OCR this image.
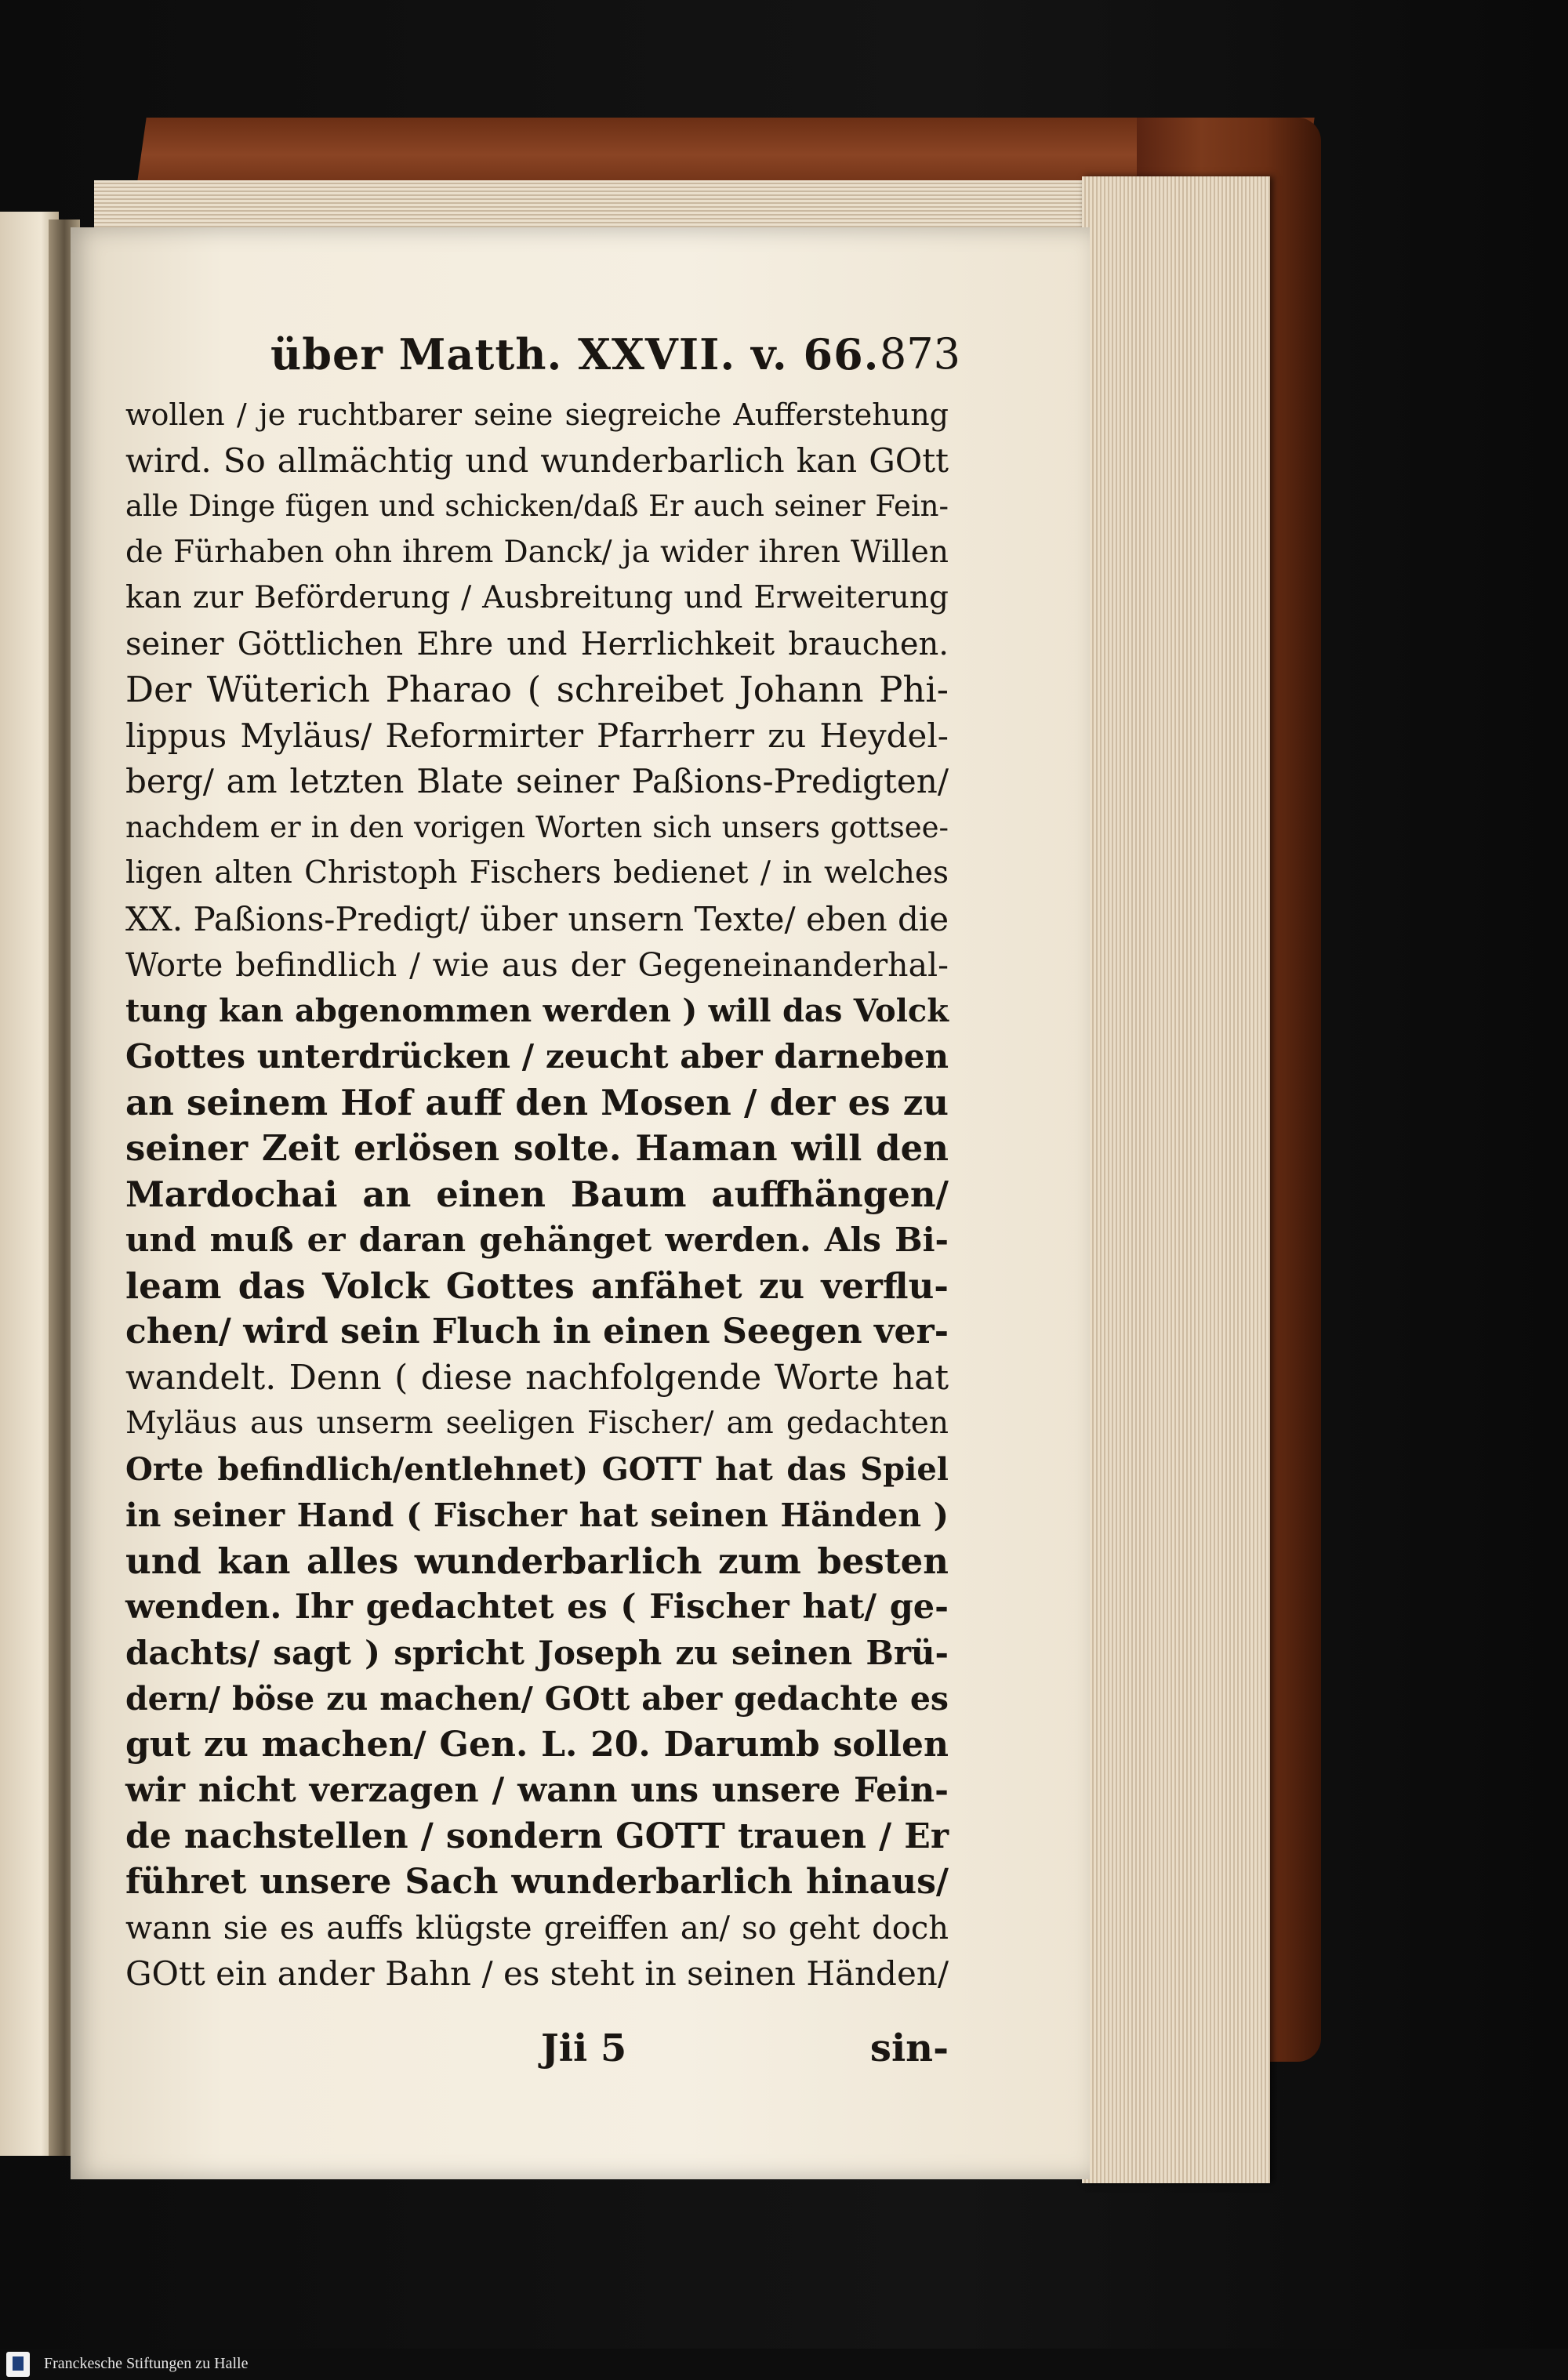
über Matth. XXVII. v. 66. 873
wollen / je ruchtbarer seine siegreiche Aufferstehung
wird. So allmächtig und wunderbarlich kan GOtt
alle Dinge fügen und schicken/daß Er auch seiner Fein-
de Fürhaben ohn ihrem Danck/ ja wider ihren Willen
kan zur Beförderung / Ausbreitung und Erweiterung
seiner Göttlichen Ehre und Herrlichkeit brauchen.
Der Wüterich Pharao ( schreibet Johann Phi-
lippus Myläus/ Reformirter Pfarrherr zu Heydel-
berg/ am letzten Blate seiner Paßions-Predigten/
nachdem er in den vorigen Worten sich unsers gottsee-
ligen alten Christoph Fischers bedienet / in welches
XX. Paßions-Predigt/ über unsern Texte/ eben die
Worte befindlich / wie aus der Gegeneinanderhal-
tung kan abgenommen werden ) will das Volck
Gottes unterdrücken / zeucht aber darneben
an seinem Hof auff den Mosen / der es zu
seiner Zeit erlösen solte. Haman will den
Mardochai an einen Baum auffhängen/
und muß er daran gehänget werden. Als Bi-
leam das Volck Gottes anfähet zu verflu-
chen/ wird sein Fluch in einen Seegen ver-
wandelt. Denn ( diese nachfolgende Worte hat
Myläus aus unserm seeligen Fischer/ am gedachten
Orte befindlich/entlehnet) GOTT hat das Spiel
in seiner Hand ( Fischer hat seinen Händen )
und kan alles wunderbarlich zum besten
wenden. Ihr gedachtet es ( Fischer hat/ ge-
dachts/ sagt ) spricht Joseph zu seinen Brü-
dern/ böse zu machen/ GOtt aber gedachte es
gut zu machen/ Gen. L. 20. Darumb sollen
wir nicht verzagen / wann uns unsere Fein-
de nachstellen / sondern GOTT trauen / Er
führet unsere Sach wunderbarlich hinaus/
wann sie es auffs klügste greiffen an/ so geht doch
GOtt ein ander Bahn / es steht in seinen Händen/
Jii 5	sin-
Franckesche Stiftungen zu Halle
